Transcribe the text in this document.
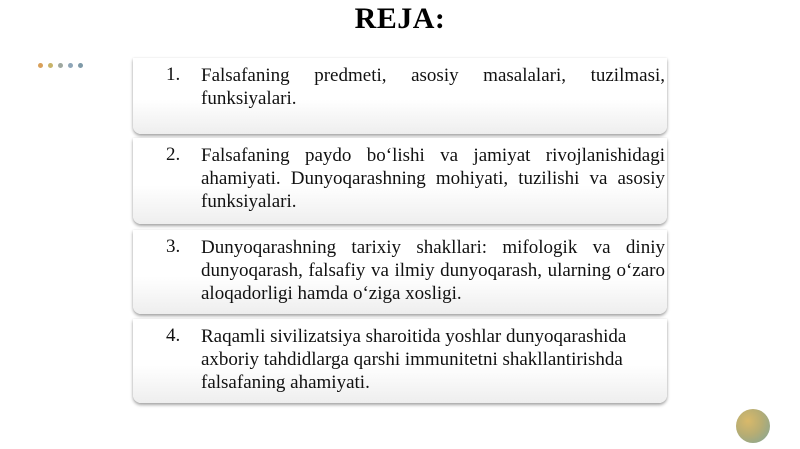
REJA:
1. Falsafaning predmeti, asosiy masalalari, tuzilmasi, funksiyalari.
2. Falsafaning paydo bo‘lishi va jamiyat rivojlanishidagi ahamiyati. Dunyoqarashning mohiyati, tuzilishi va asosiy funksiyalari.
3. Dunyoqarashning tarixiy shakllari: mifologik va diniy dunyoqarash, falsafiy va ilmiy dunyoqarash, ularning o‘zaro aloqadorligi hamda o‘ziga xosligi.
4. Raqamli sivilizatsiya sharoitida yoshlar dunyoqarashida axboriy tahdidlarga qarshi immunitetni shakllantirishda falsafaning ahamiyati.
